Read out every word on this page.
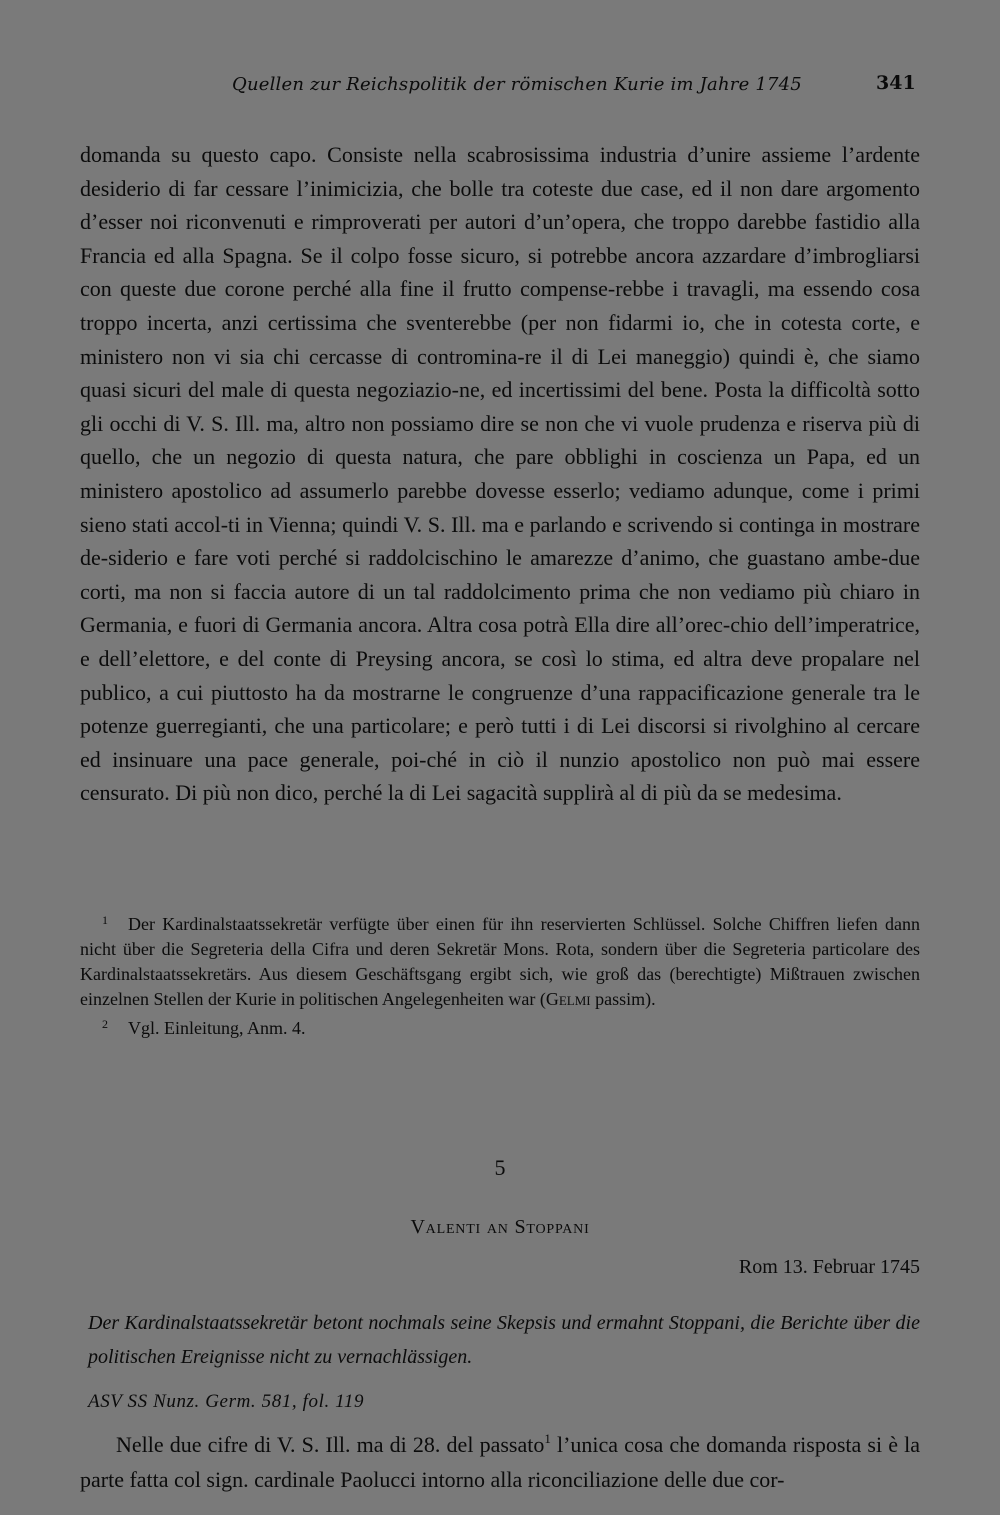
Quellen zur Reichspolitik der römischen Kurie im Jahre 1745	341

domanda su questo capo. Consiste nella scabrosissima industria d’unire assieme l’ardente desiderio di far cessare l’inimicizia, che bolle tra coteste due case, ed il non dare argomento d’esser noi riconvenuti e rimproverati per autori d’un’opera, che troppo darebbe fastidio alla Francia ed alla Spagna. Se il colpo fosse sicuro, si potrebbe ancora azzardare d’imbrogliarsi con queste due corone perché alla fine il frutto compense-rebbe i travagli, ma essendo cosa troppo incerta, anzi certissima che sventerebbe (per non fidarmi io, che in cotesta corte, e ministero non vi sia chi cercasse di contromina-re il di Lei maneggio) quindi è, che siamo quasi sicuri del male di questa negoziazio-ne, ed incertissimi del bene. Posta la difficoltà sotto gli occhi di V. S. Ill. ma, altro non possiamo dire se non che vi vuole prudenza e riserva più di quello, che un negozio di questa natura, che pare obblighi in coscienza un Papa, ed un ministero apostolico ad assumerlo parebbe dovesse esserlo; vediamo adunque, come i primi sieno stati accol-ti in Vienna; quindi V. S. Ill. ma e parlando e scrivendo si continga in mostrare de-siderio e fare voti perché si raddolcischino le amarezze d’animo, che guastano ambe-due corti, ma non si faccia autore di un tal raddolcimento prima che non vediamo più chiaro in Germania, e fuori di Germania ancora. Altra cosa potrà Ella dire all’orec-chio dell’imperatrice, e dell’elettore, e del conte di Preysing ancora, se così lo stima, ed altra deve propalare nel publico, a cui piuttosto ha da mostrarne le congruenze d’una rappacificazione generale tra le potenze guerregianti, che una particolare; e però tutti i di Lei discorsi si rivolghino al cercare ed insinuare una pace generale, poi-ché in ciò il nunzio apostolico non può mai essere censurato. Di più non dico, perché la di Lei sagacità supplirà al di più da se medesima.

1 Der Kardinalstaatssekretär verfügte über einen für ihn reservierten Schlüssel. Solche Chiffren liefen dann nicht über die Segreteria della Cifra und deren Sekretär Mons. Rota, sondern über die Segreteria particolare des Kardinalstaatssekretärs. Aus diesem Geschäftsgang ergibt sich, wie groß das (berechtigte) Mißtrauen zwischen einzelnen Stellen der Kurie in politischen Angelegenheiten war (Gelmi passim).

2 Vgl. Einleitung, Anm. 4.

5
Valenti an Stoppani
Rom 13. Februar 1745

Der Kardinalstaatssekretär betont nochmals seine Skepsis und ermahnt Stoppani, die Berichte über die politischen Ereignisse nicht zu vernachlässigen.

ASV SS Nunz. Germ. 581, fol. 119

Nelle due cifre di V. S. Ill. ma di 28. del passato$^1$ l’unica cosa che domanda risposta si è la parte fatta col sign. cardinale Paolucci intorno alla riconciliazione delle due cor-
